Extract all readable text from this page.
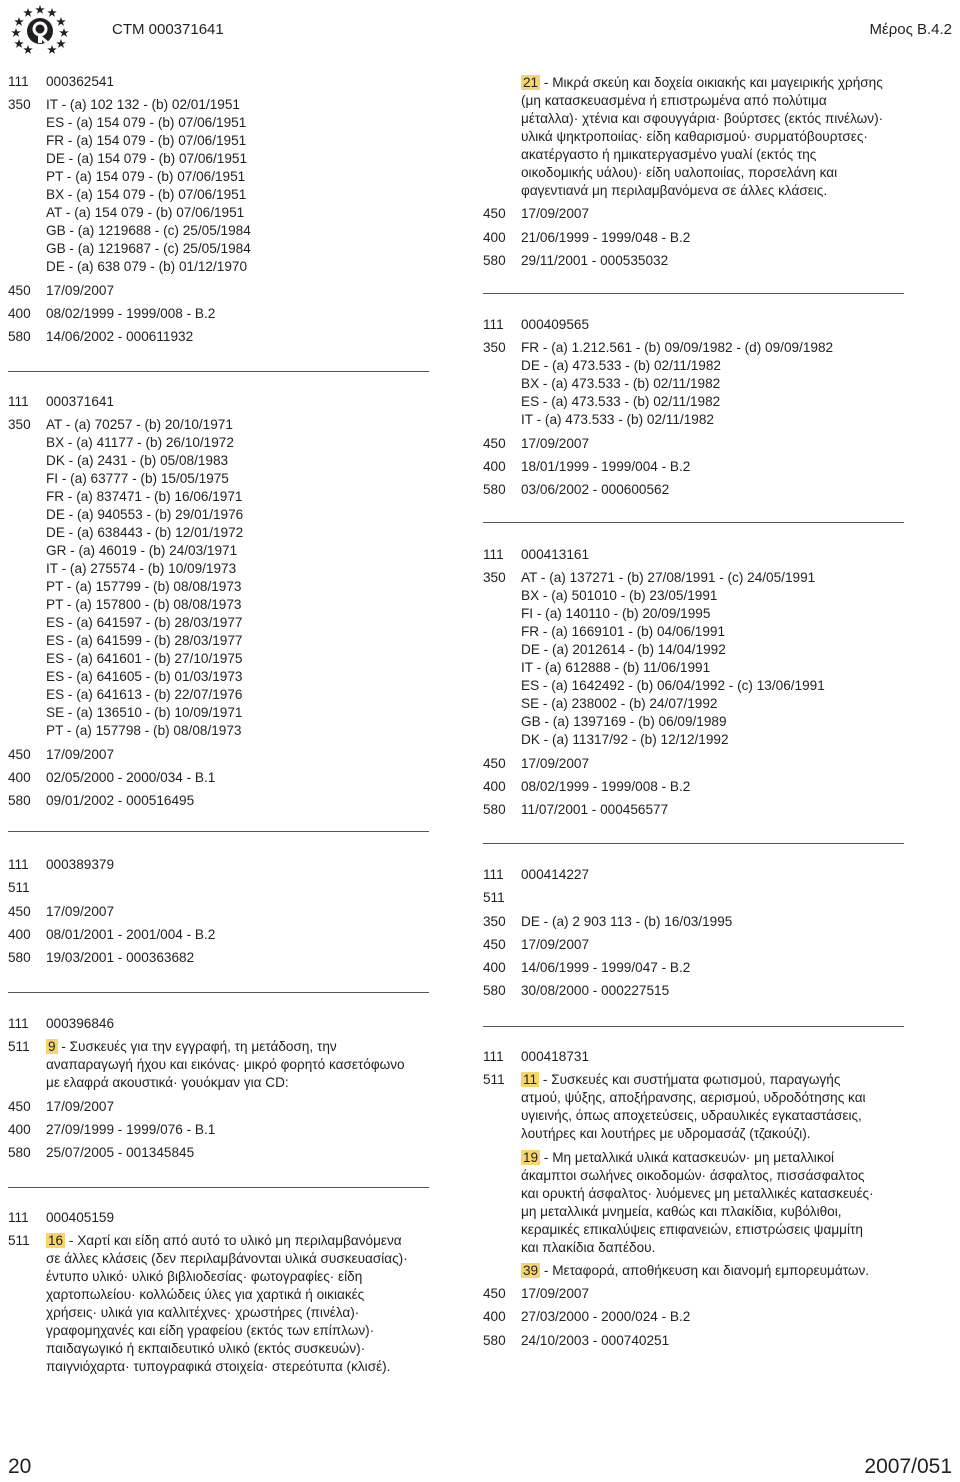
CTM 000371641	Μέρος B.4.2
111	000362541
350	IT - (a) 102 132 - (b) 02/01/1951
ES - (a) 154 079 - (b) 07/06/1951
FR - (a) 154 079 - (b) 07/06/1951
DE - (a) 154 079 - (b) 07/06/1951
PT - (a) 154 079 - (b) 07/06/1951
BX - (a) 154 079 - (b) 07/06/1951
AT - (a) 154 079 - (b) 07/06/1951
GB - (a) 1219688 - (c) 25/05/1984
GB - (a) 1219687 - (c) 25/05/1984
DE - (a) 638 079 - (b) 01/12/1970
450	17/09/2007
400	08/02/1999 - 1999/008 - B.2
580	14/06/2002 - 000611932
111	000371641
350	AT - (a) 70257 - (b) 20/10/1971
BX - (a) 41177 - (b) 26/10/1972
DK - (a) 2431 - (b) 05/08/1983
FI - (a) 63777 - (b) 15/05/1975
FR - (a) 837471 - (b) 16/06/1971
DE - (a) 940553 - (b) 29/01/1976
DE - (a) 638443 - (b) 12/01/1972
GR - (a) 46019 - (b) 24/03/1971
IT - (a) 275574 - (b) 10/09/1973
PT - (a) 157799 - (b) 08/08/1973
PT - (a) 157800 - (b) 08/08/1973
ES - (a) 641597 - (b) 28/03/1977
ES - (a) 641599 - (b) 28/03/1977
ES - (a) 641601 - (b) 27/10/1975
ES - (a) 641605 - (b) 01/03/1973
ES - (a) 641613 - (b) 22/07/1976
SE - (a) 136510 - (b) 10/09/1971
PT - (a) 157798 - (b) 08/08/1973
450	17/09/2007
400	02/05/2000 - 2000/034 - B.1
580	09/01/2002 - 000516495
111	000389379
511
450	17/09/2007
400	08/01/2001 - 2001/004 - B.2
580	19/03/2001 - 000363682
111	000396846
511	9 - Συσκευές για την εγγραφή, τη μετάδοση, την
αναπαραγωγή ήχου και εικόνας· μικρό φορητό κασετόφωνο
με ελαφρά ακουστικά· γουόκμαν για CD:
450	17/09/2007
400	27/09/1999 - 1999/076 - B.1
580	25/07/2005 - 001345845
111	000405159
511	16 - Χαρτί και είδη από αυτό το υλικό μη περιλαμβανόμενα
σε άλλες κλάσεις (δεν περιλαμβάνονται υλικά συσκευασίας)·
έντυπο υλικό· υλικό βιβλιοδεσίας· φωτογραφίες· είδη
χαρτοπωλείου· κολλώδεις ύλες για χαρτικά ή οικιακές
χρήσεις· υλικά για καλλιτέχνες· χρωστήρες (πινέλα)·
γραφομηχανές και είδη γραφείου (εκτός των επίπλων)·
παιδαγωγικό ή εκπαιδευτικό υλικό (εκτός συσκευών)·
παιγνιόχαρτα· τυπογραφικά στοιχεία· στερεότυπα (κλισέ).
21 - Μικρά σκεύη και δοχεία οικιακής και μαγειρικής χρήσης
(μη κατασκευασμένα ή επιστρωμένα από πολύτιμα
μέταλλα)· χτένια και σφουγγάρια· βούρτσες (εκτός πινέλων)·
υλικά ψηκτροποιίας· είδη καθαρισμού· συρματόβουρτσες·
ακατέργαστο ή ημικατεργασμένο γυαλί (εκτός της
οικοδομικής υάλου)· είδη υαλοποιίας, πορσελάνη και
φαγεντιανά μη περιλαμβανόμενα σε άλλες κλάσεις.
450	17/09/2007
400	21/06/1999 - 1999/048 - B.2
580	29/11/2001 - 000535032
111	000409565
350	FR - (a) 1.212.561 - (b) 09/09/1982 - (d) 09/09/1982
DE - (a) 473.533 - (b) 02/11/1982
BX - (a) 473.533 - (b) 02/11/1982
ES - (a) 473.533 - (b) 02/11/1982
IT - (a) 473.533 - (b) 02/11/1982
450	17/09/2007
400	18/01/1999 - 1999/004 - B.2
580	03/06/2002 - 000600562
111	000413161
350	AT - (a) 137271 - (b) 27/08/1991 - (c) 24/05/1991
BX - (a) 501010 - (b) 23/05/1991
FI - (a) 140110 - (b) 20/09/1995
FR - (a) 1669101 - (b) 04/06/1991
DE - (a) 2012614 - (b) 14/04/1992
IT - (a) 612888 - (b) 11/06/1991
ES - (a) 1642492 - (b) 06/04/1992 - (c) 13/06/1991
SE - (a) 238002 - (b) 24/07/1992
GB - (a) 1397169 - (b) 06/09/1989
DK - (a) 11317/92 - (b) 12/12/1992
450	17/09/2007
400	08/02/1999 - 1999/008 - B.2
580	11/07/2001 - 000456577
111	000414227
511
350	DE - (a) 2 903 113 - (b) 16/03/1995
450	17/09/2007
400	14/06/1999 - 1999/047 - B.2
580	30/08/2000 - 000227515
111	000418731
511	11 - Συσκευές και συστήματα φωτισμού, παραγωγής
ατμού, ψύξης, αποξήρανσης, αερισμού, υδροδότησης και
υγιεινής, όπως αποχετεύσεις, υδραυλικές εγκαταστάσεις,
λουτήρες και λουτήρες με υδρομασάζ (τζακούζι).
19 - Μη μεταλλικά υλικά κατασκευών· μη μεταλλικοί
άκαμπτοι σωλήνες οικοδομών· άσφαλτος, πισσάσφαλτος
και ορυκτή άσφαλτος· λυόμενες μη μεταλλικές κατασκευές·
μη μεταλλικά μνημεία, καθώς και πλακίδια, κυβόλιθοι,
κεραμικές επικαλύψεις επιφανειών, επιστρώσεις ψαμμίτη
και πλακίδια δαπέδου.
39 - Μεταφορά, αποθήκευση και διανομή εμπορευμάτων.
450	17/09/2007
400	27/03/2000 - 2000/024 - B.2
580	24/10/2003 - 000740251
20	2007/051
